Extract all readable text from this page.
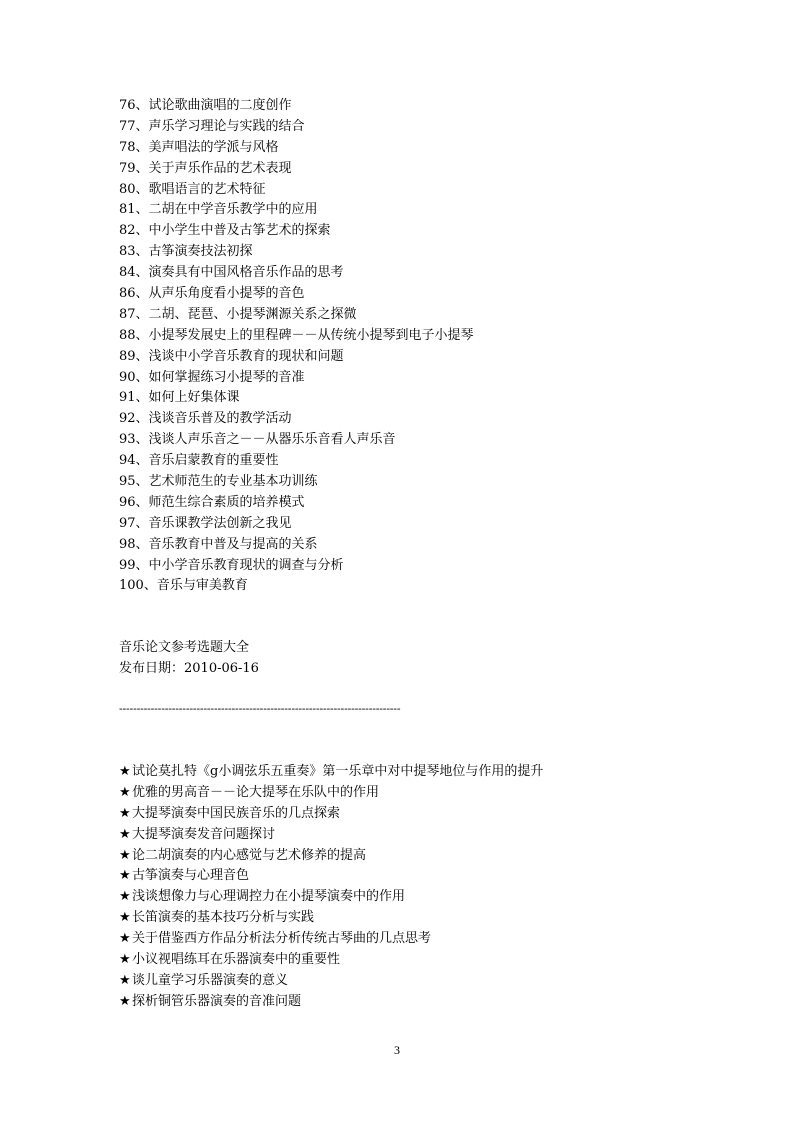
76、试论歌曲演唱的二度创作
77、声乐学习理论与实践的结合
78、美声唱法的学派与风格
79、关于声乐作品的艺术表现
80、歌唱语言的艺术特征
81、二胡在中学音乐教学中的应用
82、中小学生中普及古筝艺术的探索
83、古筝演奏技法初探
84、演奏具有中国风格音乐作品的思考
86、从声乐角度看小提琴的音色
87、二胡、琵琶、小提琴渊源关系之探微
88、小提琴发展史上的里程碑－－从传统小提琴到电子小提琴
89、浅谈中小学音乐教育的现状和问题
90、如何掌握练习小提琴的音准
91、如何上好集体课
92、浅谈音乐普及的教学活动
93、浅谈人声乐音之－－从器乐乐音看人声乐音
94、音乐启蒙教育的重要性
95、艺术师范生的专业基本功训练
96、师范生综合素质的培养模式
97、音乐课教学法创新之我见
98、音乐教育中普及与提高的关系
99、中小学音乐教育现状的调查与分析
100、音乐与审美教育
音乐论文参考选题大全
发布日期：2010-06-16
--------------------------------------------------------------------------------
★试论莫扎特《g小调弦乐五重奏》第一乐章中对中提琴地位与作用的提升
★优雅的男高音－－论大提琴在乐队中的作用
★大提琴演奏中国民族音乐的几点探索
★大提琴演奏发音问题探讨
★论二胡演奏的内心感觉与艺术修养的提高
★古筝演奏与心理音色
★浅谈想像力与心理调控力在小提琴演奏中的作用
★长笛演奏的基本技巧分析与实践
★关于借鉴西方作品分析法分析传统古琴曲的几点思考
★小议视唱练耳在乐器演奏中的重要性
★谈儿童学习乐器演奏的意义
★探析铜管乐器演奏的音准问题
3
